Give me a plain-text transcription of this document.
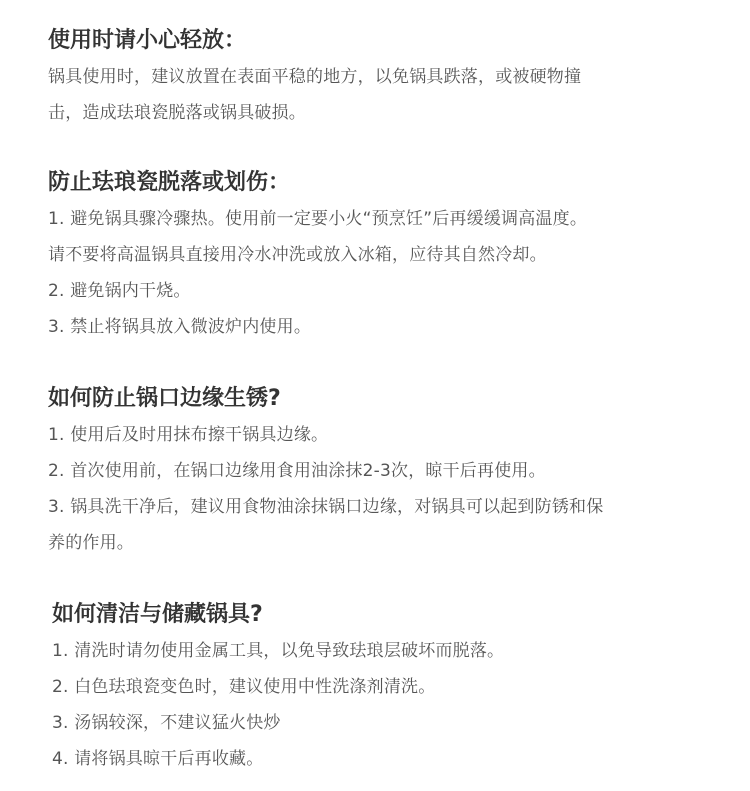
使用时请小心轻放：

锅具使用时，建议放置在表面平稳的地方，以免锅具跌落，或被硬物撞

击，造成珐琅瓷脱落或锅具破损。

防止珐琅瓷脱落或划伤：

1. 避免锅具骤冷骤热。使用前一定要小火“预烹饪”后再缓缓调高温度。

请不要将高温锅具直接用冷水冲洗或放入冰箱，应待其自然冷却。

2. 避免锅内干烧。

3. 禁止将锅具放入微波炉内使用。

如何防止锅口边缘生锈?

1. 使用后及时用抹布擦干锅具边缘。

2. 首次使用前，在锅口边缘用食用油涂抹2-3次，晾干后再使用。

3. 锅具洗干净后，建议用食物油涂抹锅口边缘，对锅具可以起到防锈和保

养的作用。

如何清洁与储藏锅具?

1. 清洗时请勿使用金属工具，以免导致珐琅层破坏而脱落。

2. 白色珐琅瓷变色时，建议使用中性洗涤剂清洗。

3. 汤锅较深，不建议猛火快炒

4. 请将锅具晾干后再收藏。
